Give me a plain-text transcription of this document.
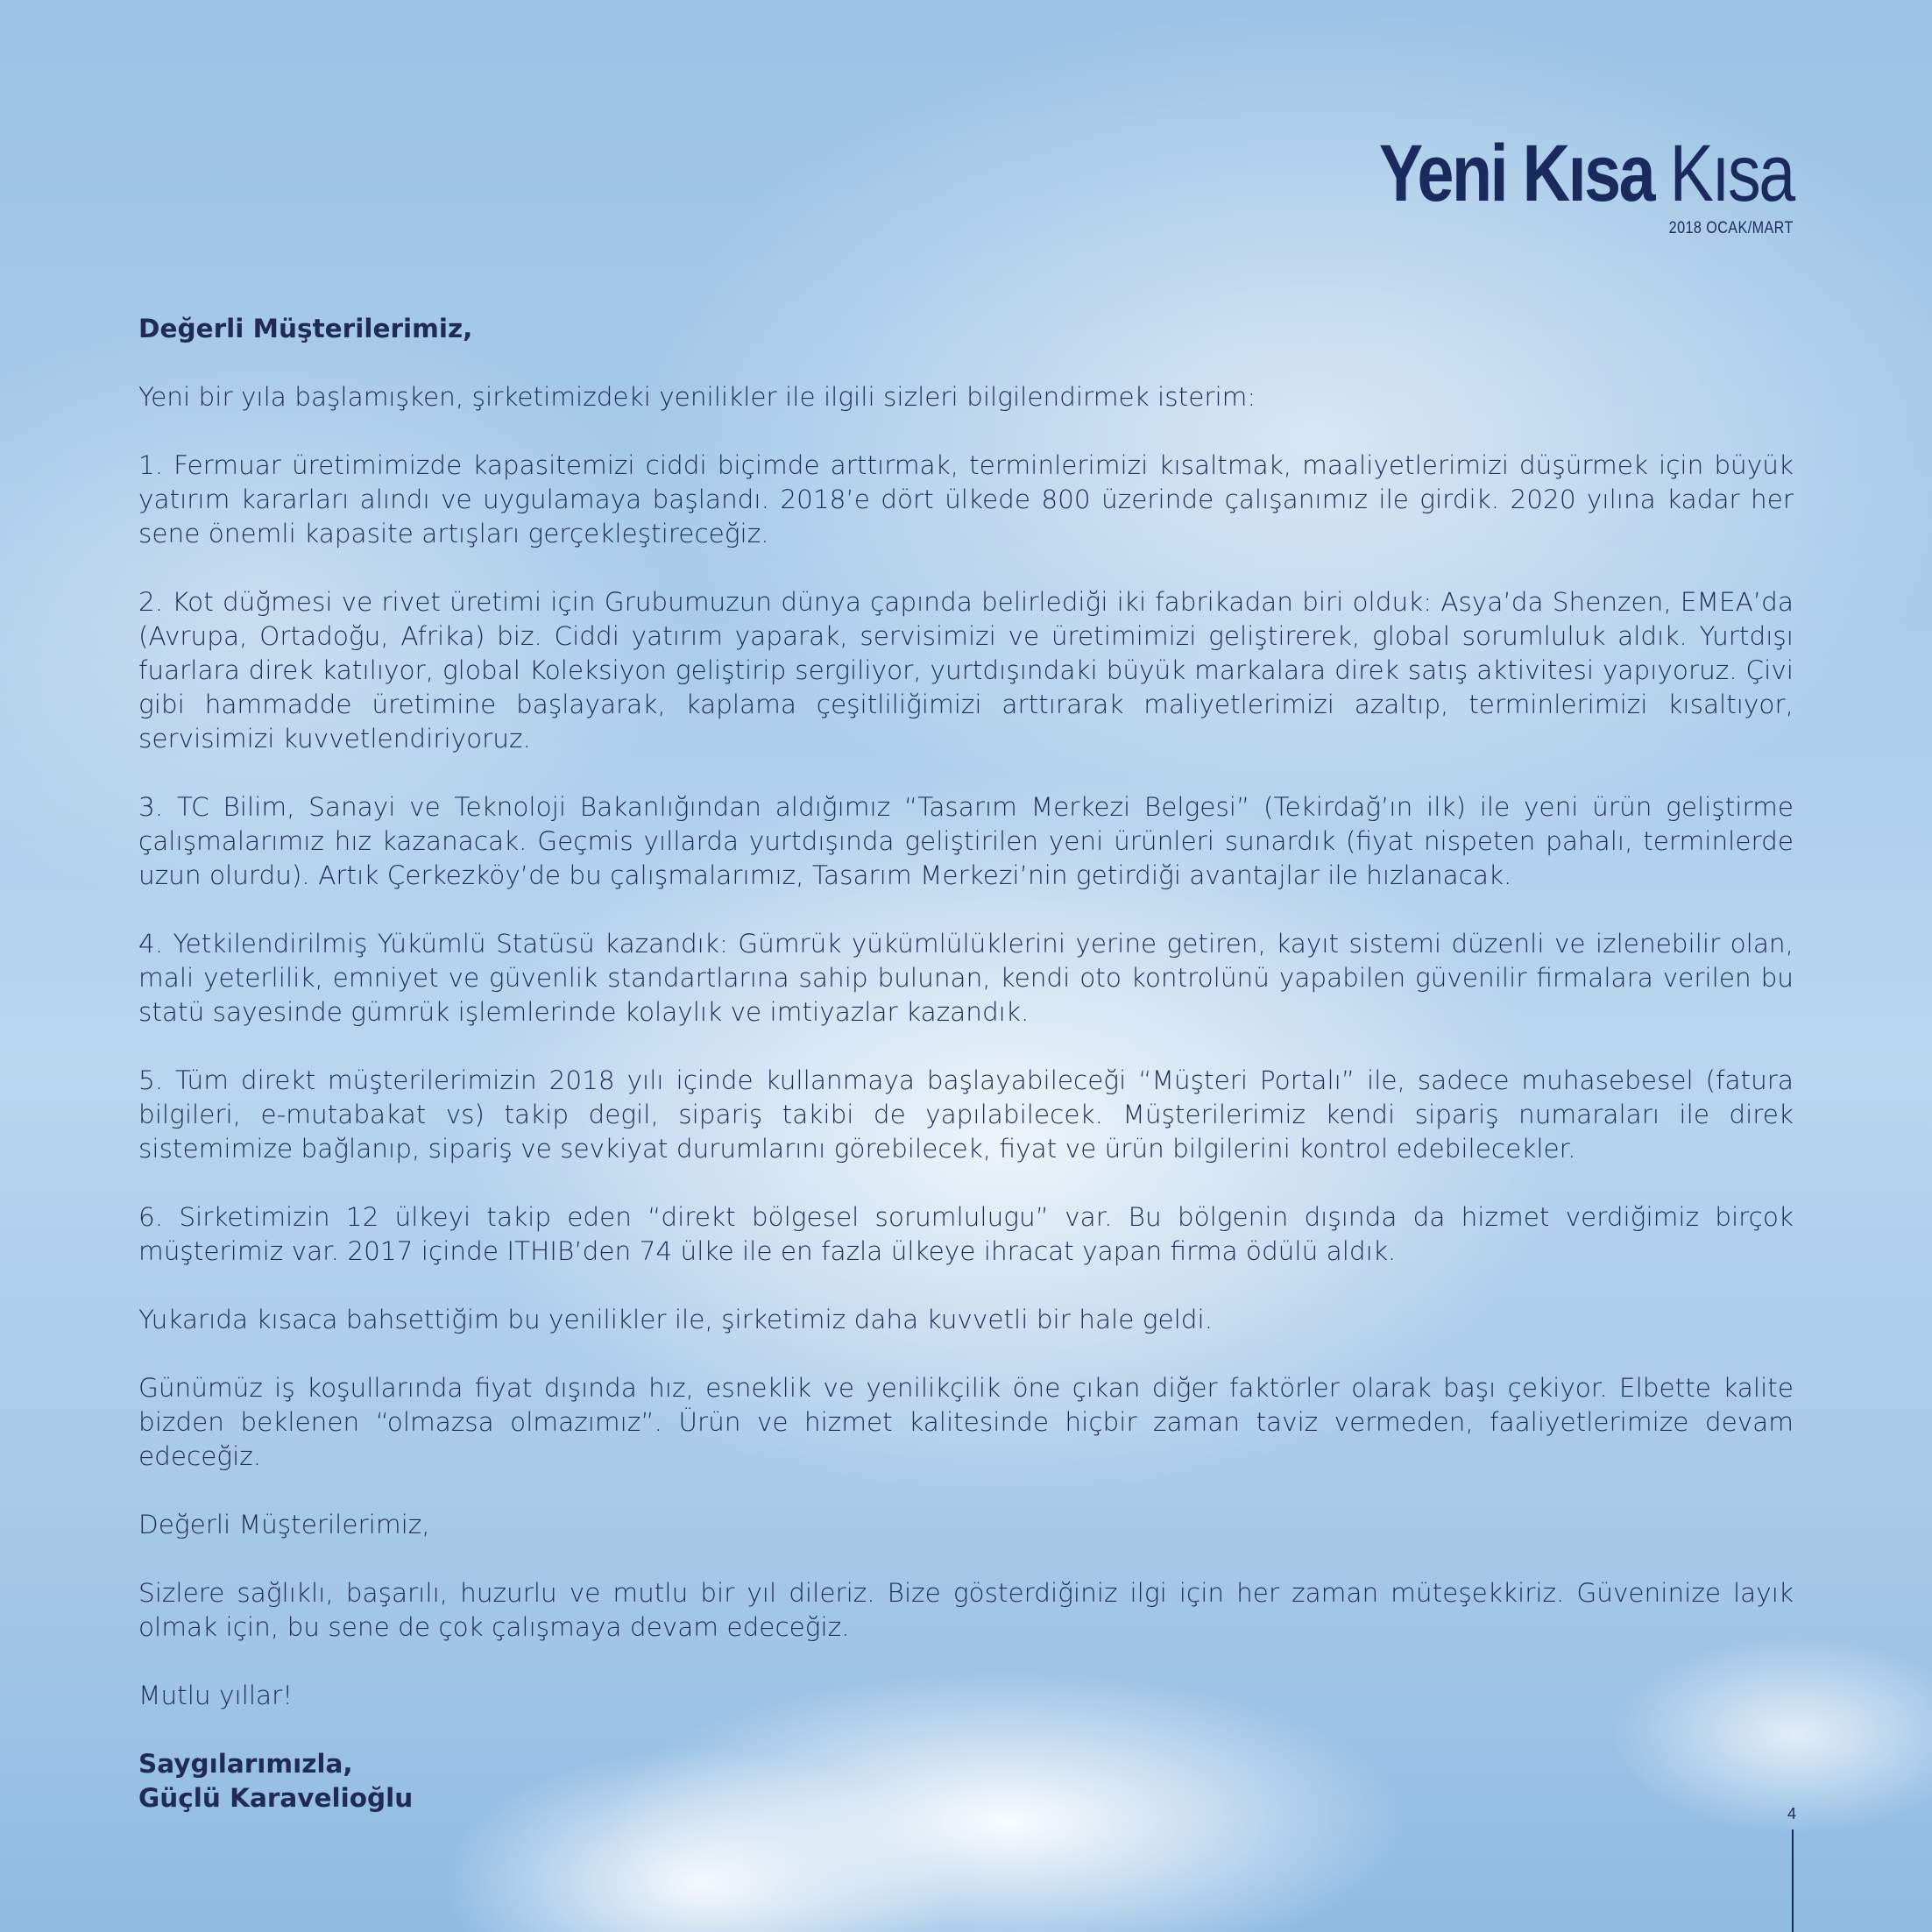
Yeni Kısa Kısa
2018 OCAK/MART

Değerli Müşterilerimiz,

Yeni bir yıla başlamışken, şirketimizdeki yenilikler ile ilgili sizleri bilgilendirmek isterim:

1. Fermuar üretimimizde kapasitemizi ciddi biçimde arttırmak, terminlerimizi kısaltmak, maaliyetlerimizi düşürmek için büyük yatırım kararları alındı ve uygulamaya başlandı. 2018’e dört ülkede 800 üzerinde çalışanımız ile girdik. 2020 yılına kadar her sene önemli kapasite artışları gerçekleştireceğiz.

2. Kot düğmesi ve rivet üretimi için Grubumuzun dünya çapında belirlediği iki fabrikadan biri olduk: Asya’da Shenzen, EMEA’da (Avrupa, Ortadoğu, Afrika) biz. Ciddi yatırım yaparak, servisimizi ve üretimimizi geliştirerek, global sorumluluk aldık. Yurtdışı fuarlara direk katılıyor, global Koleksiyon geliştirip sergiliyor, yurtdışındaki büyük markalara direk satış aktivitesi yapıyoruz. Çivi gibi hammadde üretimine başlayarak, kaplama çeşitliliğimizi arttırarak maliyetlerimizi azaltıp, terminlerimizi kısaltıyor, servisimizi kuvvetlendiriyoruz.

3. TC Bilim, Sanayi ve Teknoloji Bakanlığından aldığımız “Tasarım Merkezi Belgesi” (Tekirdağ’ın ilk) ile yeni ürün geliştirme çalışmalarımız hız kazanacak. Geçmis yıllarda yurtdışında geliştirilen yeni ürünleri sunardık (fiyat nispeten pahalı, terminlerde uzun olurdu). Artık Çerkezköy’de bu çalışmalarımız, Tasarım Merkezi’nin getirdiği avantajlar ile hızlanacak.

4. Yetkilendirilmiş Yükümlü Statüsü kazandık: Gümrük yükümlülüklerini yerine getiren, kayıt sistemi düzenli ve izlenebilir olan, mali yeterlilik, emniyet ve güvenlik standartlarına sahip bulunan, kendi oto kontrolünü yapabilen güvenilir firmalara verilen bu statü sayesinde gümrük işlemlerinde kolaylık ve imtiyazlar kazandık.

5. Tüm direkt müşterilerimizin 2018 yılı içinde kullanmaya başlayabileceği “Müşteri Portalı” ile, sadece muhasebesel (fatura bilgileri, e-mutabakat vs) takip degil, sipariş takibi de yapılabilecek. Müşterilerimiz kendi sipariş numaraları ile direk sistemimize bağlanıp, sipariş ve sevkiyat durumlarını görebilecek, fiyat ve ürün bilgilerini kontrol edebilecekler.

6. Sirketimizin 12 ülkeyi takip eden “direkt bölgesel sorumlulugu” var. Bu bölgenin dışında da hizmet verdiğimiz birçok müşterimiz var. 2017 içinde ITHIB’den 74 ülke ile en fazla ülkeye ihracat yapan firma ödülü aldık.

Yukarıda kısaca bahsettiğim bu yenilikler ile, şirketimiz daha kuvvetli bir hale geldi.

Günümüz iş koşullarında fiyat dışında hız, esneklik ve yenilikçilik öne çıkan diğer faktörler olarak başı çekiyor. Elbette kalite bizden beklenen “olmazsa olmazımız”. Ürün ve hizmet kalitesinde hiçbir zaman taviz vermeden, faaliyetlerimize devam edeceğiz.

Değerli Müşterilerimiz,

Sizlere sağlıklı, başarılı, huzurlu ve mutlu bir yıl dileriz. Bize gösterdiğiniz ilgi için her zaman müteşekkiriz. Güveninize layık olmak için, bu sene de çok çalışmaya devam edeceğiz.

Mutlu yıllar!

Saygılarımızla,
Güçlü Karavelioğlu
4
